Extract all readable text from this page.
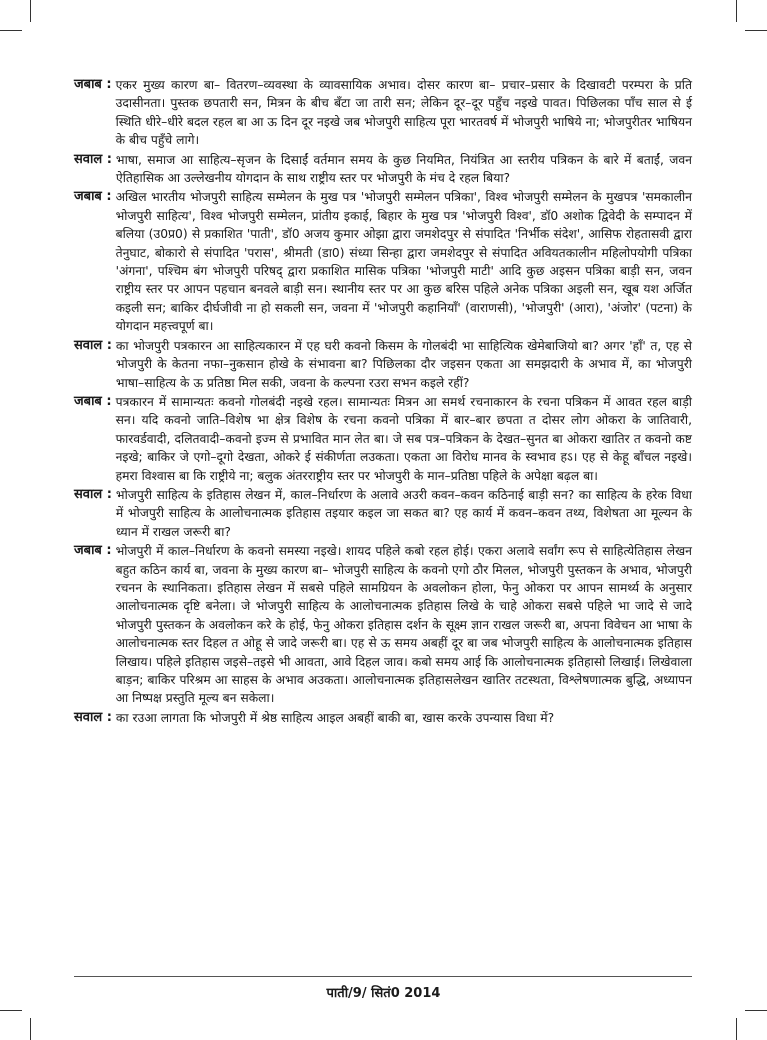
जबाब : एकर मुख्य कारण बा– वितरण–व्यवस्था के व्यावसायिक अभाव। दोसर कारण बा– प्रचार–प्रसार के दिखावटी परम्परा के प्रति उदासीनता। पुस्तक छपतारी सन, मित्रन के बीच बँटा जा तारी सन; लेकिन दूर–दूर पहुँच नइखे पावत। पिछिलका पाँच साल से ई स्थिति धीरे–धीरे बदल रहल बा आ ऊ दिन दूर नइखे जब भोजपुरी साहित्य पूरा भारतवर्ष में भोजपुरी भाषिये ना; भोजपुरीतर भाषियन के बीच पहुँचे लागे।
सवाल : भाषा, समाज आ साहित्य–सृजन के दिसाईं वर्तमान समय के कुछ नियमित, नियंत्रित आ स्तरीय पत्रिकन के बारे में बताईं, जवन ऐतिहासिक आ उल्लेखनीय योगदान के साथ राष्ट्रीय स्तर पर भोजपुरी के मंच दे रहल बिया?
जबाब : अखिल भारतीय भोजपुरी साहित्य सम्मेलन के मुख पत्र 'भोजपुरी सम्मेलन पत्रिका', विश्व भोजपुरी सम्मेलन के मुखपत्र 'समकालीन भोजपुरी साहित्य', विश्व भोजपुरी सम्मेलन, प्रांतीय इकाई, बिहार के मुख पत्र 'भोजपुरी विश्व', डॉ0 अशोक द्विवेदी के सम्पादन में बलिया (उ0प्र0) से प्रकाशित 'पाती', डॉ0 अजय कुमार ओझा द्वारा जमशेदपुर से संपादित 'निर्भीक संदेश', आसिफ रोहतासवी द्वारा तेनुघाट, बोकारो से संपादित 'परास', श्रीमती (डा0) संध्या सिन्हा द्वारा जमशेदपुर से संपादित अवियतकालीन महिलोपयोगी पत्रिका 'अंगना', पश्चिम बंग भोजपुरी परिषद् द्वारा प्रकाशित मासिक पत्रिका 'भोजपुरी माटी' आदि कुछ अइसन पत्रिका बाड़ी सन, जवन राष्ट्रीय स्तर पर आपन पहचान बनवले बाड़ी सन। स्थानीय स्तर पर आ कुछ बरिस पहिले अनेक पत्रिका अइली सन, खूब यश अर्जित कइली सन; बाकिर दीर्घजीवी ना हो सकली सन, जवना में 'भोजपुरी कहानियाँ' (वाराणसी), 'भोजपुरी' (आरा), 'अंजोर' (पटना) के योगदान महत्त्वपूर्ण बा।
सवाल : का भोजपुरी पत्रकारन आ साहित्यकारन में एह घरी कवनो किसम के गोलबंदी भा साहित्यिक खेमेबाजियो बा? अगर 'हाँ' त, एह से भोजपुरी के केतना नफा–नुकसान होखे के संभावना बा? पिछिलका दौर जइसन एकता आ समझदारी के अभाव में, का भोजपुरी भाषा–साहित्य के ऊ प्रतिष्ठा मिल सकी, जवना के कल्पना रउरा सभन कइले रहीं?
जबाब : पत्रकारन में सामान्यतः कवनो गोलबंदी नइखे रहल। सामान्यतः मित्रन आ समर्थ रचनाकारन के रचना पत्रिकन में आवत रहल बाड़ी सन। यदि कवनो जाति–विशेष भा क्षेत्र विशेष के रचना कवनो पत्रिका में बार–बार छपता त दोसर लोग ओकरा के जातिवारी, फारवर्डवादी, दलितवादी–कवनो इज्म से प्रभावित मान लेत बा। जे सब पत्र–पत्रिकन के देखत–सुनत बा ओकरा खातिर त कवनो कष्ट नइखे; बाकिर जे एगो–दूगो देखता, ओकरे ई संकीर्णता लउकता। एकता आ विरोध मानव के स्वभाव हऽ। एह से केहू बाँचल नइखे। हमरा विश्वास बा कि राष्ट्रीये ना; बलुक अंतरराष्ट्रीय स्तर पर भोजपुरी के मान–प्रतिष्ठा पहिले के अपेक्षा बढ़ल बा।
सवाल : भोजपुरी साहित्य के इतिहास लेखन में, काल–निर्धारण के अलावे अउरी कवन–कवन कठिनाई बाड़ी सन? का साहित्य के हरेक विधा में भोजपुरी साहित्य के आलोचनात्मक इतिहास तइयार कइल जा सकत बा? एह कार्य में कवन–कवन तथ्य, विशेषता आ मूल्यन के ध्यान में राखल जरूरी बा?
जबाब : भोजपुरी में काल–निर्धारण के कवनो समस्या नइखे। शायद पहिले कबो रहल होई। एकरा अलावे सर्वांग रूप से साहित्येतिहास लेखन बहुत कठिन कार्य बा, जवना के मुख्य कारण बा– भोजपुरी साहित्य के कवनो एगो ठौर मिलल, भोजपुरी पुस्तकन के अभाव, भोजपुरी रचनन के स्थानिकता। इतिहास लेखन में सबसे पहिले सामग्रियन के अवलोकन होला, फेनु ओकरा पर आपन सामर्थ्य के अनुसार आलोचनात्मक दृष्टि बनेला। जे भोजपुरी साहित्य के आलोचनात्मक इतिहास लिखे के चाहे ओकरा सबसे पहिले भा जादे से जादे भोजपुरी पुस्तकन के अवलोकन करे के होई, फेनु ओकरा इतिहास दर्शन के सूक्ष्म ज्ञान राखल जरूरी बा, अपना विवेचन आ भाषा के आलोचनात्मक स्तर दिहल त ओहू से जादे जरूरी बा। एह से ऊ समय अबहीं दूर बा जब भोजपुरी साहित्य के आलोचनात्मक इतिहास लिखाय। पहिले इतिहास जइसे–तइसे भी आवता, आवे दिहल जाव। कबो समय आई कि आलोचनात्मक इतिहासो लिखाई। लिखेवाला बाड़न; बाकिर परिश्रम आ साहस के अभाव अउकता। आलोचनात्मक इतिहासलेखन खातिर तटस्थता, विश्लेषणात्मक बुद्धि, अध्यापन आ निष्पक्ष प्रस्तुति मूल्य बन सकेला।
सवाल : का रउआ लागता कि भोजपुरी में श्रेष्ठ साहित्य आइल अबहीं बाकी बा, खास करके उपन्यास विधा में?
पाती/9/ सितं0 2014
